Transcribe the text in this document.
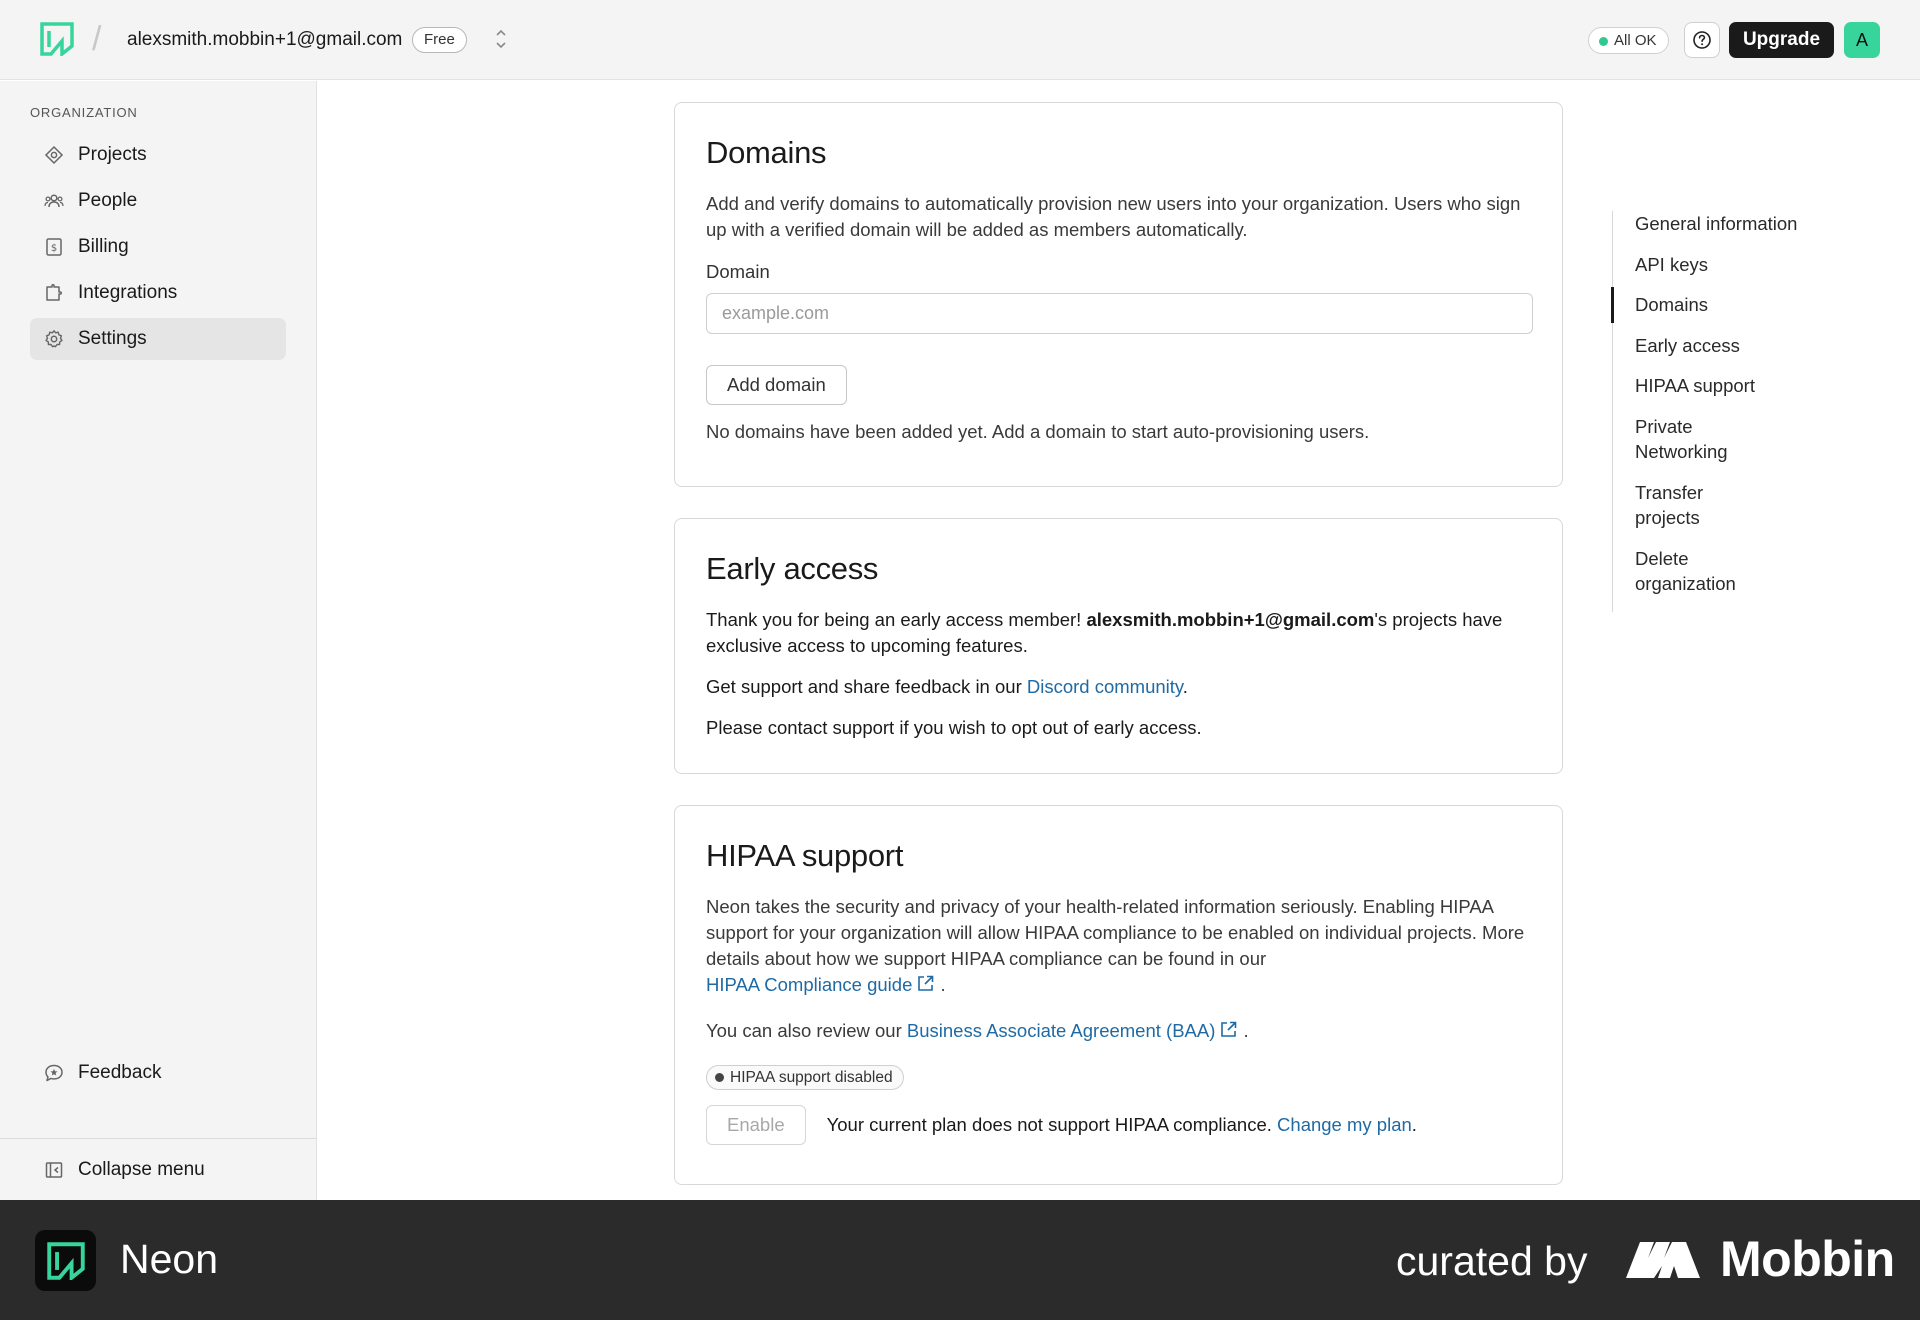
/ alexsmith.mobbin+1@gmail.com	Free	All OK	Upgrade	A
ORGANIZATION
Projects
People
$ Billing
Integrations
Settings
Feedback
Collapse menu
Domains

Add and verify domains to automatically provision new users into your organization. Users who sign up with a verified domain will be added as members automatically.

Domain
example.com
Add domain

No domains have been added yet. Add a domain to start auto-provisioning users.

Early access

Thank you for being an early access member! alexsmith.mobbin+1@gmail.com's projects have exclusive access to upcoming features.

Get support and share feedback in our Discord community.

Please contact support if you wish to opt out of early access.

HIPAA support

Neon takes the security and privacy of your health-related information seriously. Enabling HIPAA support for your organization will allow HIPAA compliance to be enabled on individual projects. More details about how we support HIPAA compliance can be found in our

HIPAA Compliance guide .

You can also review our Business Associate Agreement (BAA) .

HIPAA support disabled
Enable	Your current plan does not support HIPAA compliance. Change my plan.

General information
API keys
Domains
Early access
HIPAA support
Private Networking
Transfer projects
Delete organization
Neon	curated by	Mobbin
